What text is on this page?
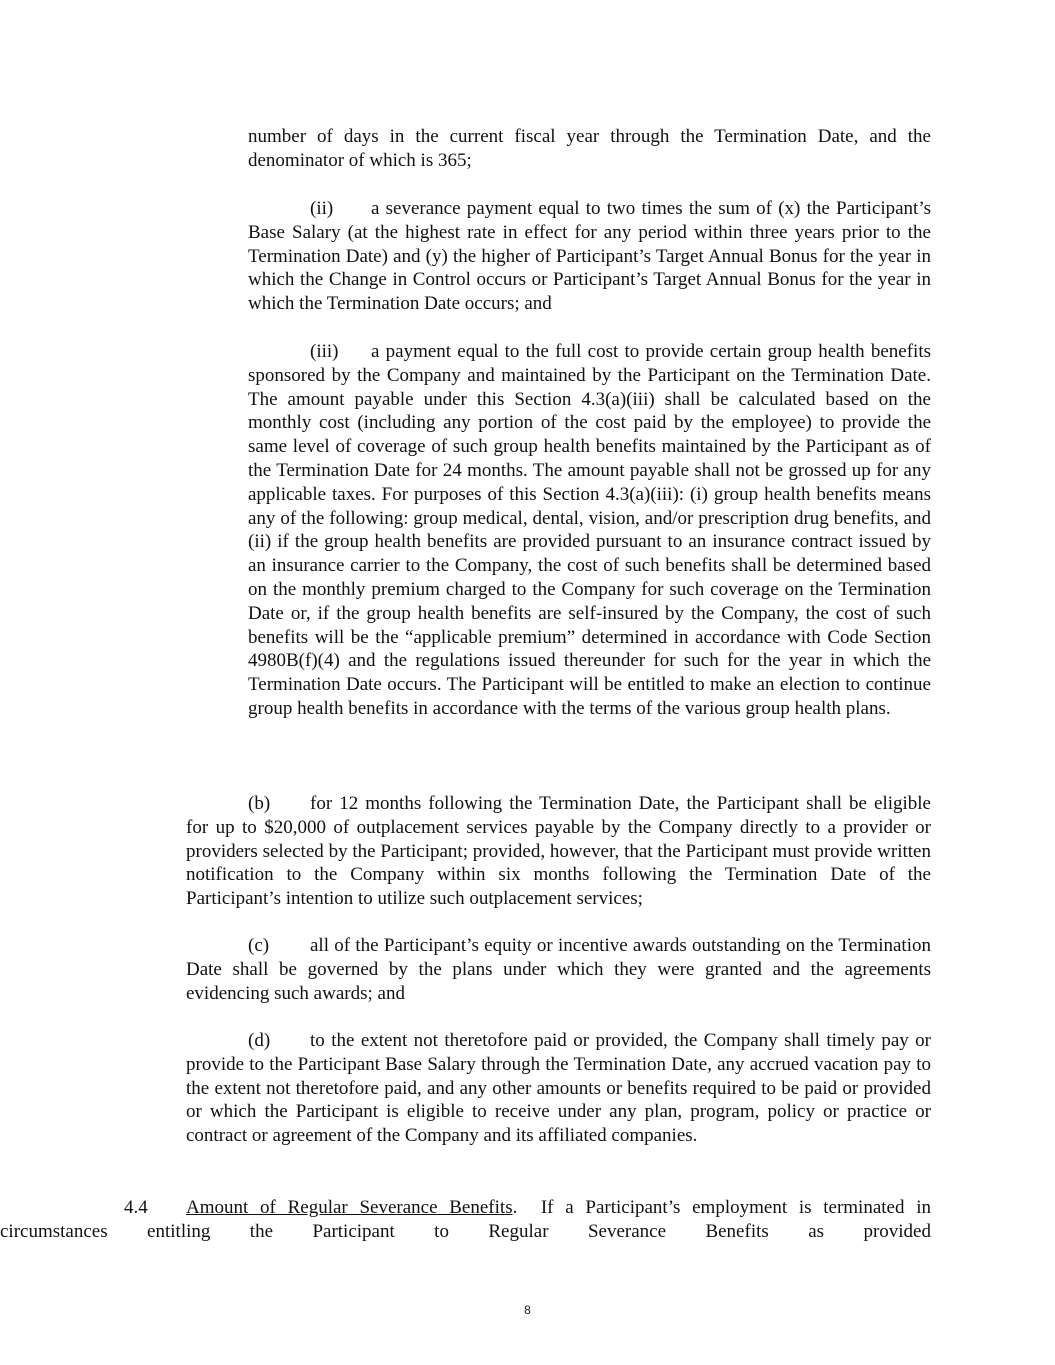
number of days in the current fiscal year through the Termination Date, and the denominator of which is 365;

(ii) a severance payment equal to two times the sum of (x) the Participant’s Base Salary (at the highest rate in effect for any period within three years prior to the Termination Date) and (y) the higher of Participant’s Target Annual Bonus for the year in which the Change in Control occurs or Participant’s Target Annual Bonus for the year in which the Termination Date occurs; and

(iii) a payment equal to the full cost to provide certain group health benefits sponsored by the Company and maintained by the Participant on the Termination Date. The amount payable under this Section 4.3(a)(iii) shall be calculated based on the monthly cost (including any portion of the cost paid by the employee) to provide the same level of coverage of such group health benefits maintained by the Participant as of the Termination Date for 24 months. The amount payable shall not be grossed up for any applicable taxes. For purposes of this Section 4.3(a)(iii): (i) group health benefits means any of the following: group medical, dental, vision, and/or prescription drug benefits, and (ii) if the group health benefits are provided pursuant to an insurance contract issued by an insurance carrier to the Company, the cost of such benefits shall be determined based on the monthly premium charged to the Company for such coverage on the Termination Date or, if the group health benefits are self-insured by the Company, the cost of such benefits will be the “applicable premium” determined in accordance with Code Section 4980B(f)(4) and the regulations issued thereunder for such for the year in which the Termination Date occurs. The Participant will be entitled to make an election to continue group health benefits in accordance with the terms of the various group health plans.

(b) for 12 months following the Termination Date, the Participant shall be eligible for up to $20,000 of outplacement services payable by the Company directly to a provider or providers selected by the Participant; provided, however, that the Participant must provide written notification to the Company within six months following the Termination Date of the Participant’s intention to utilize such outplacement services;

(c) all of the Participant’s equity or incentive awards outstanding on the Termination Date shall be governed by the plans under which they were granted and the agreements evidencing such awards; and

(d) to the extent not theretofore paid or provided, the Company shall timely pay or provide to the Participant Base Salary through the Termination Date, any accrued vacation pay to the extent not theretofore paid, and any other amounts or benefits required to be paid or provided or which the Participant is eligible to receive under any plan, program, policy or practice or contract or agreement of the Company and its affiliated companies.

4.4 Amount of Regular Severance Benefits. If a Participant’s employment is terminated in circumstances entitling the Participant to Regular Severance Benefits as provided

8
